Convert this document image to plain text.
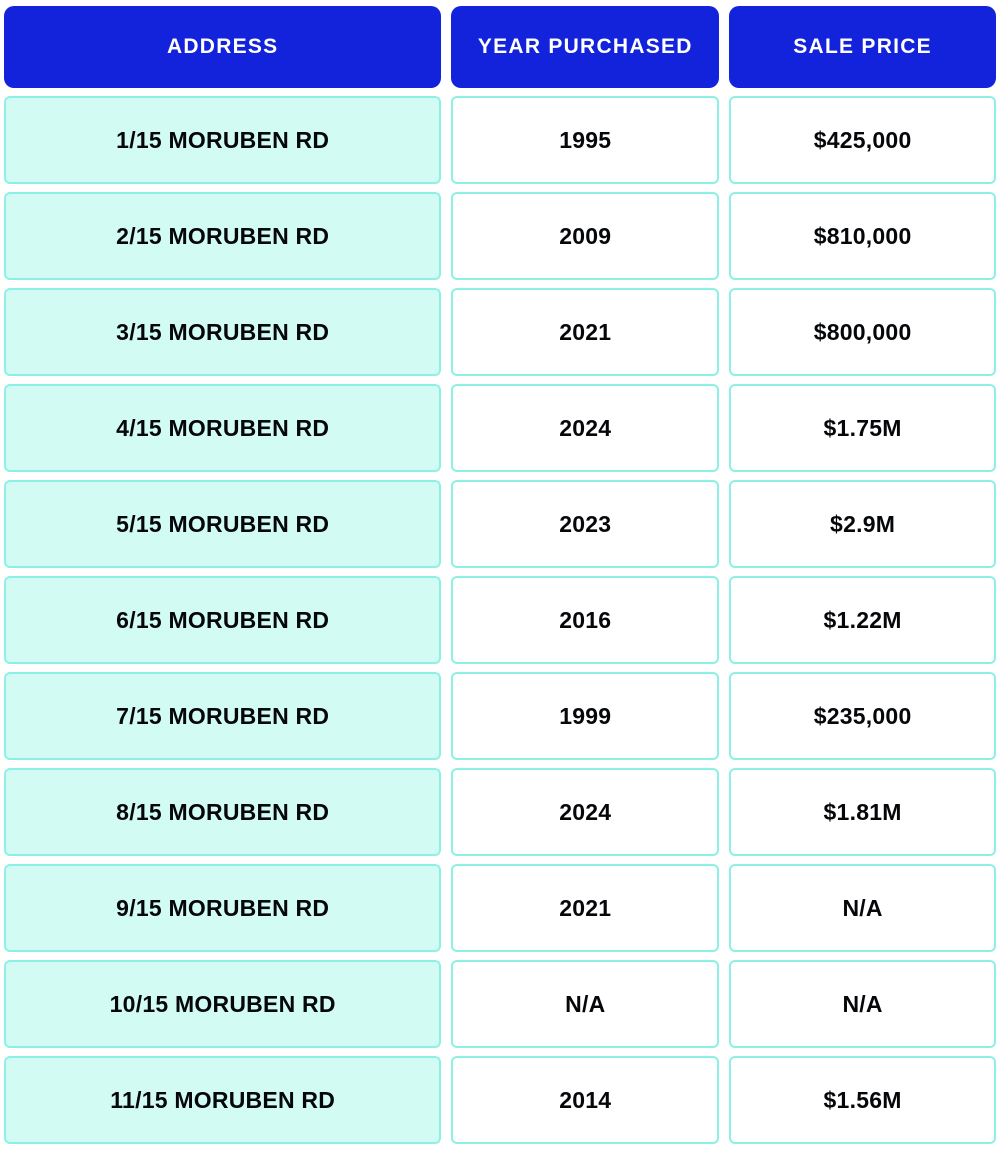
ADDRESS	YEAR PURCHASED	SALE PRICE
1/15 MORUBEN RD	1995	$425,000
2/15 MORUBEN RD	2009	$810,000
3/15 MORUBEN RD	2021	$800,000
4/15 MORUBEN RD	2024	$1.75M
5/15 MORUBEN RD	2023	$2.9M
6/15 MORUBEN RD	2016	$1.22M
7/15 MORUBEN RD	1999	$235,000
8/15 MORUBEN RD	2024	$1.81M
9/15 MORUBEN RD	2021	N/A
10/15 MORUBEN RD	N/A	N/A
11/15 MORUBEN RD	2014	$1.56M
